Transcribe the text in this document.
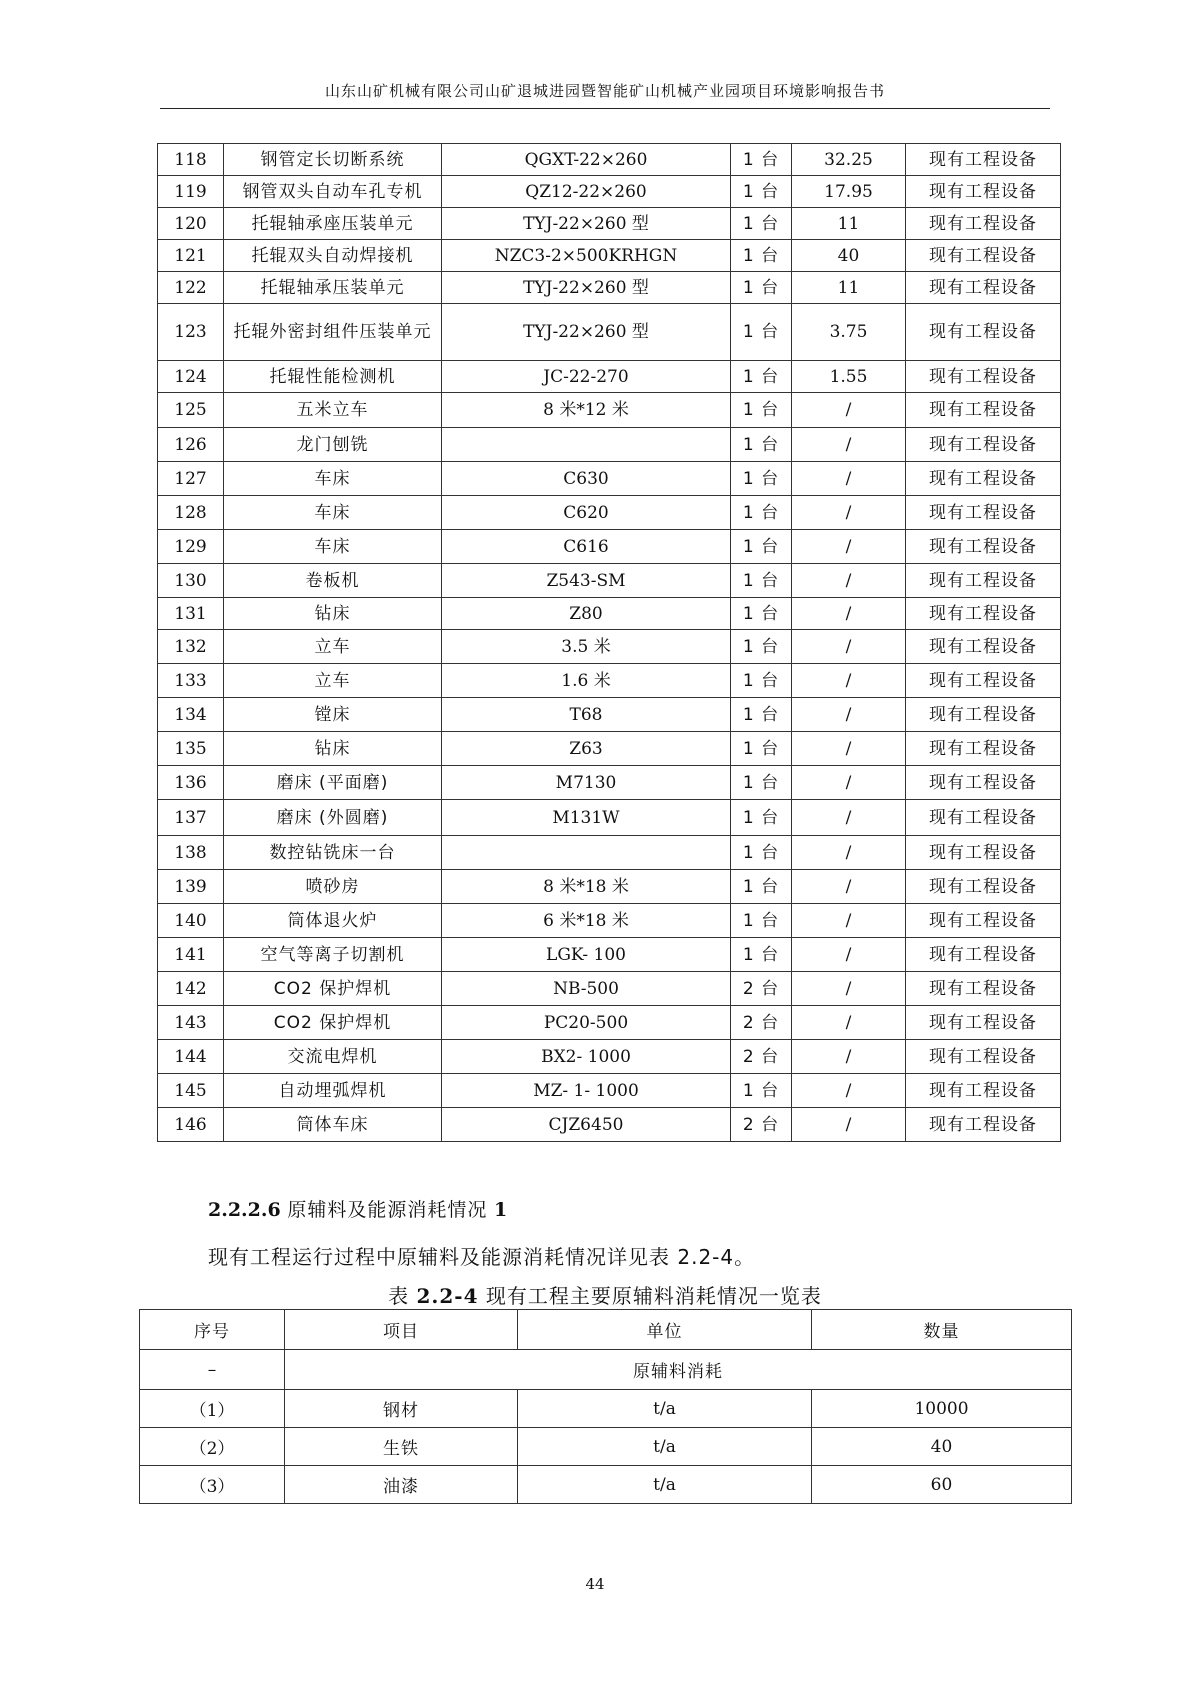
山东山矿机械有限公司山矿退城进园暨智能矿山机械产业园项目环境影响报告书
118	钢管定长切断系统	QGXT-22×260	1 台	32.25	现有工程设备
119	钢管双头自动车孔专机	QZ12-22×260	1 台	17.95	现有工程设备
120	托辊轴承座压装单元	TYJ-22×260 型	1 台	11	现有工程设备
121	托辊双头自动焊接机	NZC3-2×500KRHGN	1 台	40	现有工程设备
122	托辊轴承压装单元	TYJ-22×260 型	1 台	11	现有工程设备
123	托辊外密封组件压装单元	TYJ-22×260 型	1 台	3.75	现有工程设备
124	托辊性能检测机	JC-22-270	1 台	1.55	现有工程设备
125	五米立车	8 米*12 米	1 台	/	现有工程设备
126	龙门刨铣		1 台	/	现有工程设备
127	车床	C630	1 台	/	现有工程设备
128	车床	C620	1 台	/	现有工程设备
129	车床	C616	1 台	/	现有工程设备
130	卷板机	Z543-SM	1 台	/	现有工程设备
131	钻床	Z80	1 台	/	现有工程设备
132	立车	3.5 米	1 台	/	现有工程设备
133	立车	1.6 米	1 台	/	现有工程设备
134	镗床	T68	1 台	/	现有工程设备
135	钻床	Z63	1 台	/	现有工程设备
136	磨床 (平面磨)	M7130	1 台	/	现有工程设备
137	磨床 (外圆磨)	M131W	1 台	/	现有工程设备
138	数控钻铣床一台		1 台	/	现有工程设备
139	喷砂房	8 米*18 米	1 台	/	现有工程设备
140	筒体退火炉	6 米*18 米	1 台	/	现有工程设备
141	空气等离子切割机	LGK- 100	1 台	/	现有工程设备
142	CO2 保护焊机	NB-500	2 台	/	现有工程设备
143	CO2 保护焊机	PC20-500	2 台	/	现有工程设备
144	交流电焊机	BX2- 1000	2 台	/	现有工程设备
145	自动埋弧焊机	MZ- 1- 1000	1 台	/	现有工程设备
146	筒体车床	CJZ6450	2 台	/	现有工程设备
2.2.2.6 原辅料及能源消耗情况 1
现有工程运行过程中原辅料及能源消耗情况详见表 2.2-4。
表 2.2-4 现有工程主要原辅料消耗情况一览表
序号	项目	单位	数量
–	原辅料消耗		
（1）	钢材	t/a	10000
（2）	生铁	t/a	40
（3）	油漆	t/a	60
44
